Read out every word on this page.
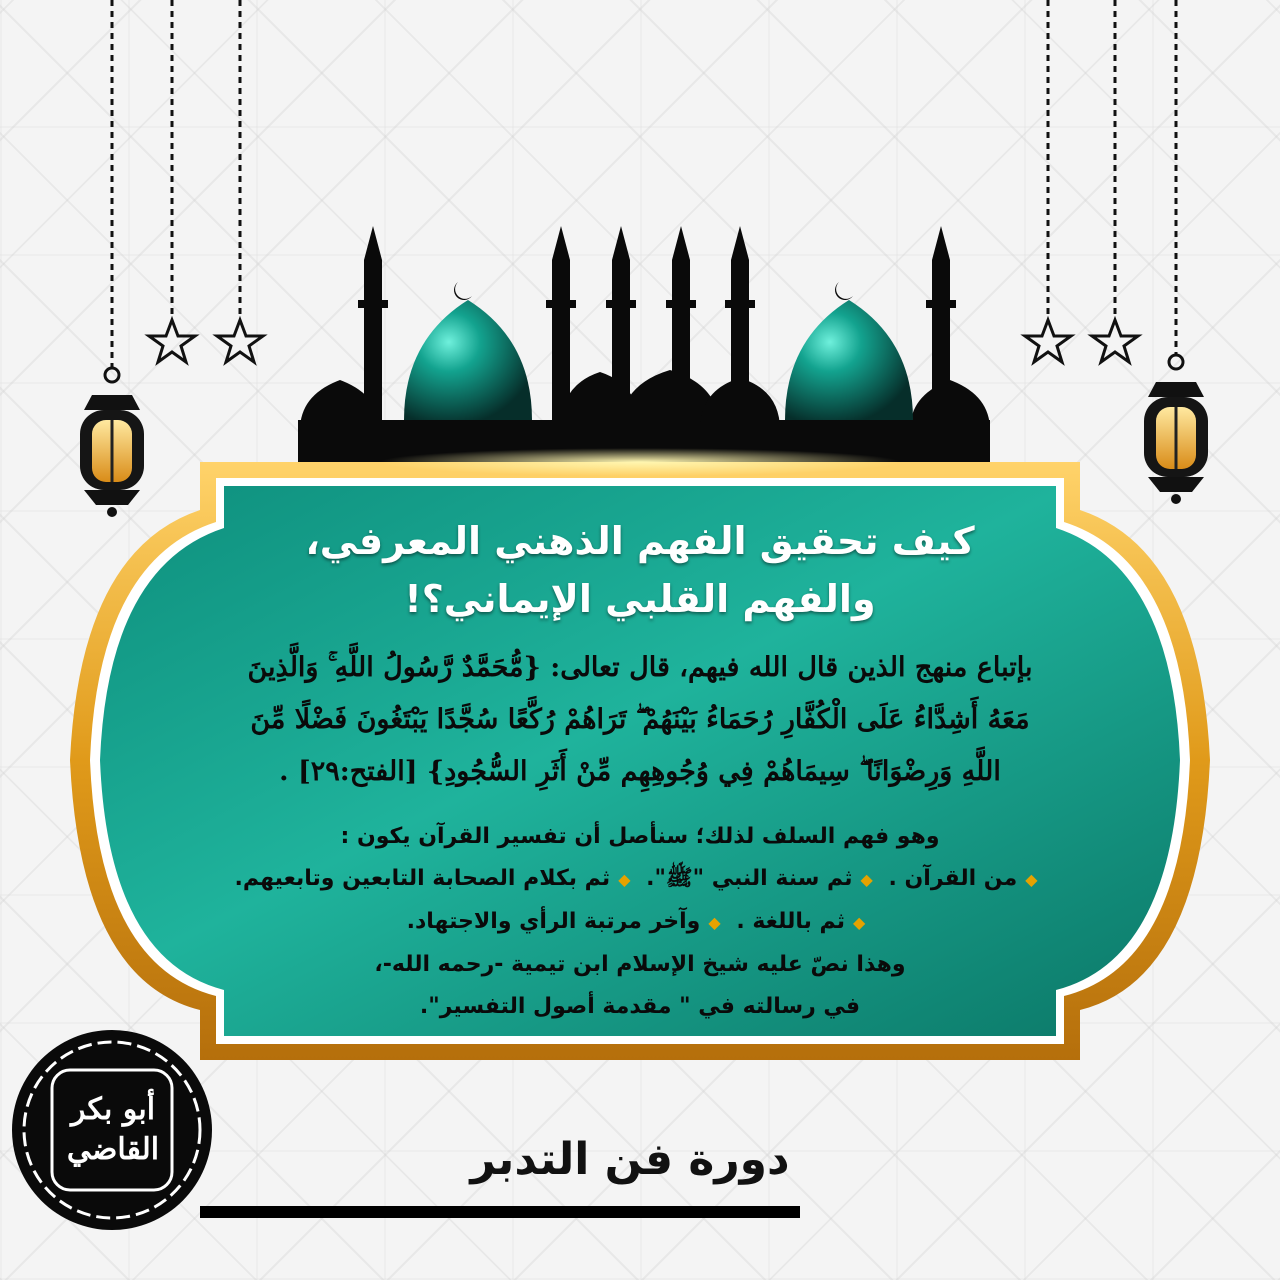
كيف تحقيق الفهم الذهني المعرفي، والفهم القلبي الإيماني؟!
بإتباع منهج الذين قال الله فيهم، قال تعالى: {مُّحَمَّدٌ رَّسُولُ اللَّهِ ۚ وَالَّذِينَ مَعَهُ أَشِدَّاءُ عَلَى الْكُفَّارِ رُحَمَاءُ بَيْنَهُمْ ۖ تَرَاهُمْ رُكَّعًا سُجَّدًا يَبْتَغُونَ فَضْلًا مِّنَ اللَّهِ وَرِضْوَانًا ۖ سِيمَاهُمْ فِي وُجُوهِهِم مِّنْ أَثَرِ السُّجُودِ} [الفتح:٢٩] .

وهو فهم السلف لذلك؛ سنأصل أن تفسير القرآن يكون :

◆من القرآن . ◆ثم سنة النبي "ﷺ". ◆ثم بكلام الصحابة التابعين وتابعيهم.

◆ثم باللغة . ◆وآخر مرتبة الرأي والاجتهاد.

وهذا نصّ عليه شيخ الإسلام ابن تيمية -رحمه الله-،

في رسالته في " مقدمة أصول التفسير".

أبو بكر القاضي	دورة فن التدبر
